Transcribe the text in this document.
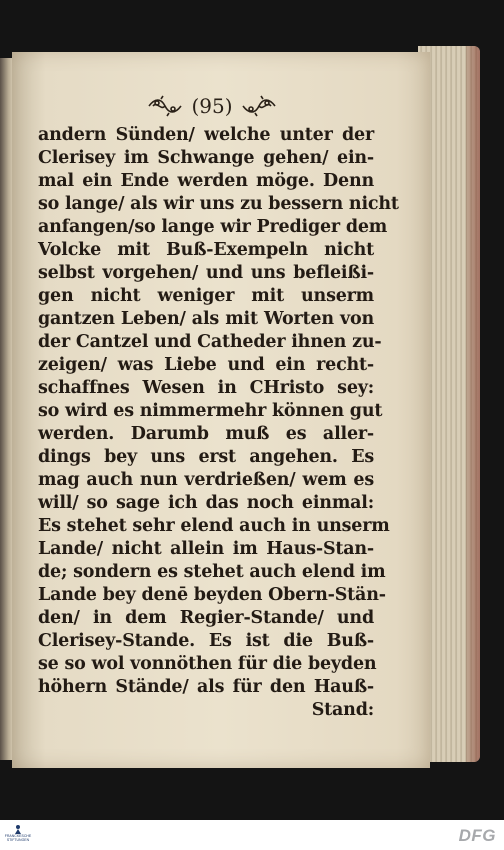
(95)
andern Sünden/ welche unter der
Clerisey im Schwange gehen/ ein-
mal ein Ende werden möge. Denn
so lange/ als wir uns zu bessern nicht
anfangen/so lange wir Prediger dem
Volcke mit Buß-Exempeln nicht
selbst vorgehen/ und uns befleißi-
gen nicht weniger mit unserm
gantzen Leben/ als mit Worten von
der Cantzel und Catheder ihnen zu-
zeigen/ was Liebe und ein recht-
schaffnes Wesen in CHristo sey:
so wird es nimmermehr können gut
werden. Darumb muß es aller-
dings bey uns erst angehen. Es
mag auch nun verdrießen/ wem es
will/ so sage ich das noch einmal:
Es stehet sehr elend auch in unserm
Lande/ nicht allein im Haus-Stan-
de; sondern es stehet auch elend im
Lande bey denē beyden Obern-Stän-
den/ in dem Regier-Stande/ und
Clerisey-Stande. Es ist die Buß-
se so wol vonnöthen für die beyden
höhern Stände/ als für den Hauß-
Stand:
FRANCKESCHE STIFTUNGEN	DFG
